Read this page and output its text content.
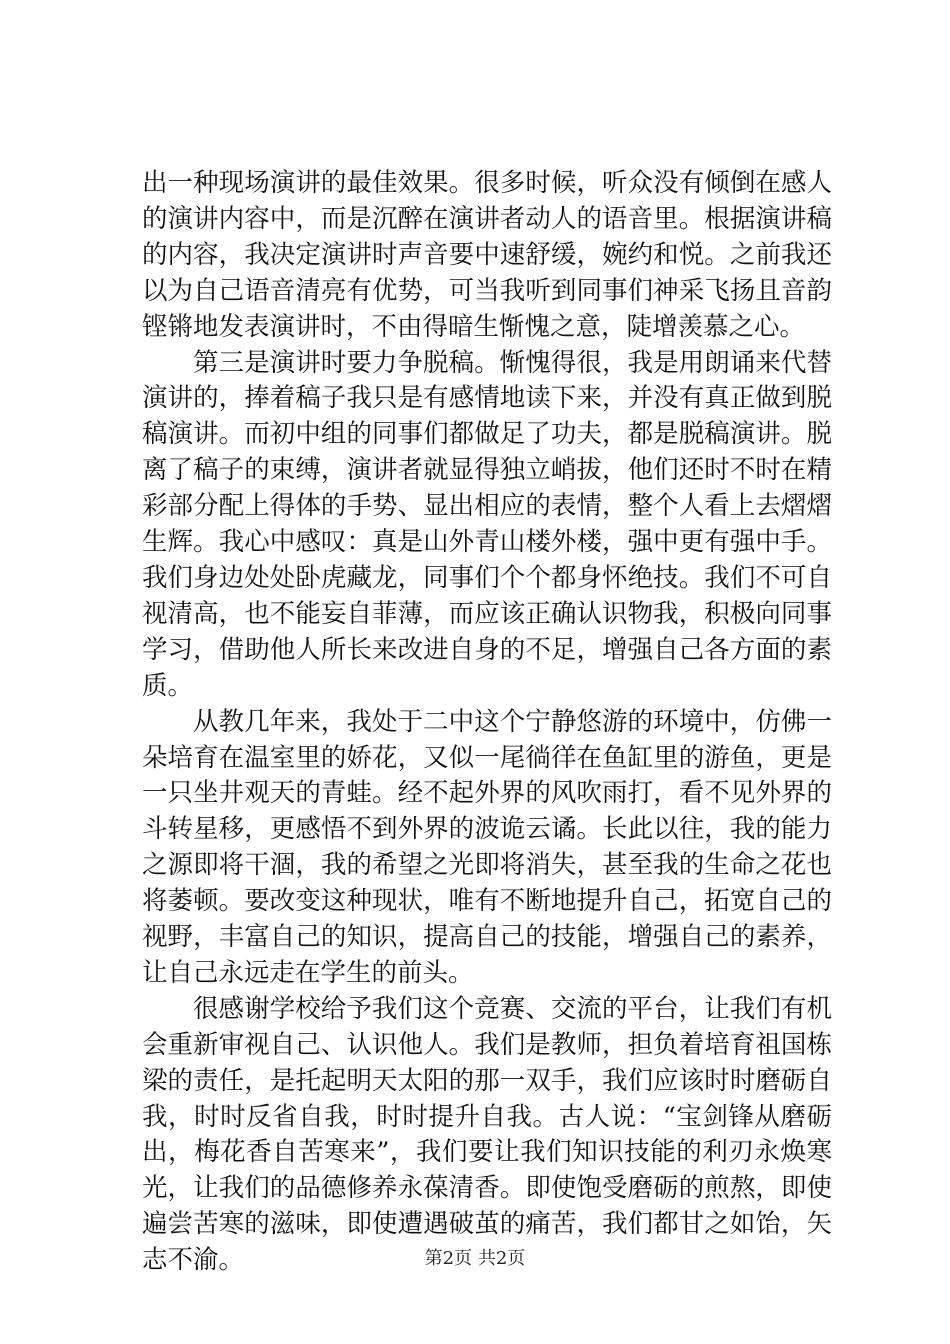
出一种现场演讲的最佳效果。很多时候，听众没有倾倒在感人的演讲内容中，而是沉醉在演讲者动人的语音里。根据演讲稿的内容，我决定演讲时声音要中速舒缓，婉约和悦。之前我还以为自己语音清亮有优势，可当我听到同事们神采飞扬且音韵铿锵地发表演讲时，不由得暗生惭愧之意，陡增羡慕之心。

第三是演讲时要力争脱稿。惭愧得很，我是用朗诵来代替演讲的，捧着稿子我只是有感情地读下来，并没有真正做到脱稿演讲。而初中组的同事们都做足了功夫，都是脱稿演讲。脱离了稿子的束缚，演讲者就显得独立峭拔，他们还时不时在精彩部分配上得体的手势、显出相应的表情，整个人看上去熠熠生辉。我心中感叹：真是山外青山楼外楼，强中更有强中手。我们身边处处卧虎藏龙，同事们个个都身怀绝技。我们不可自视清高，也不能妄自菲薄，而应该正确认识物我，积极向同事学习，借助他人所长来改进自身的不足，增强自己各方面的素质。

从教几年来，我处于二中这个宁静悠游的环境中，仿佛一朵培育在温室里的娇花，又似一尾徜徉在鱼缸里的游鱼，更是一只坐井观天的青蛙。经不起外界的风吹雨打，看不见外界的斗转星移，更感悟不到外界的波诡云谲。长此以往，我的能力之源即将干涸，我的希望之光即将消失，甚至我的生命之花也将萎顿。要改变这种现状，唯有不断地提升自己，拓宽自己的视野，丰富自己的知识，提高自己的技能，增强自己的素养，让自己永远走在学生的前头。

很感谢学校给予我们这个竞赛、交流的平台，让我们有机会重新审视自己、认识他人。我们是教师，担负着培育祖国栋梁的责任，是托起明天太阳的那一双手，我们应该时时磨砺自我，时时反省自我，时时提升自我。古人说：“宝剑锋从磨砺出，梅花香自苦寒来”，我们要让我们知识技能的利刃永焕寒光，让我们的品德修养永葆清香。即使饱受磨砺的煎熬，即使遍尝苦寒的滋味，即使遭遇破茧的痛苦，我们都甘之如饴，矢志不渝。	第2页 共2页
